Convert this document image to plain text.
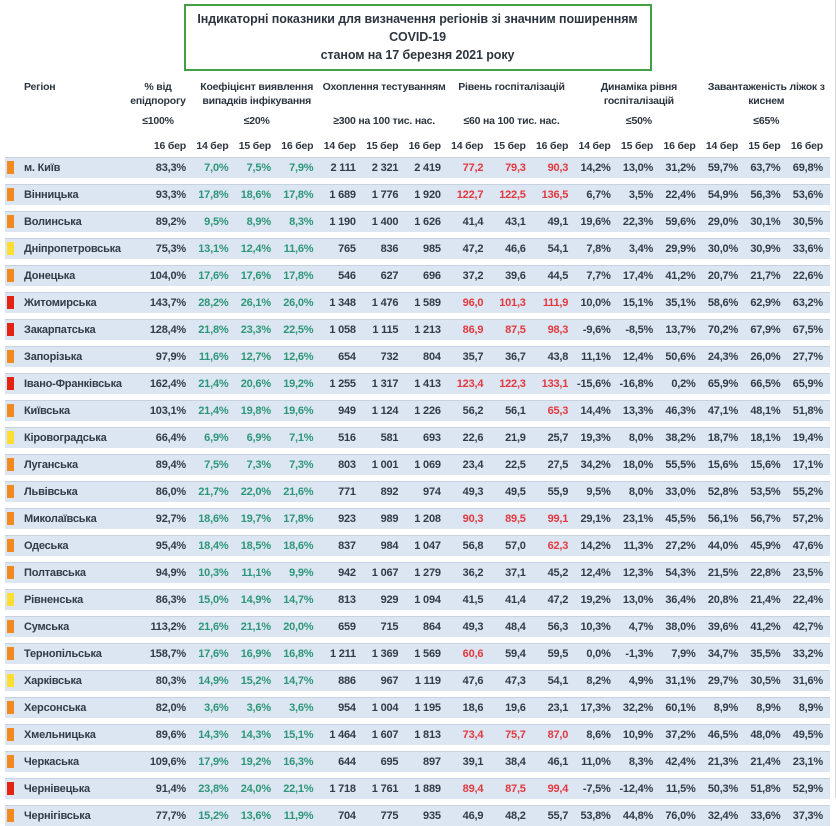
Індикаторні показники для визначення регіонів зі значним поширенням COVID-19
станом на 17 березня 2021 року
Регіон	% від епідпорогу
Коефіцієнт виявлення випадків інфікування
Охоплення тестуванням	Рівень госпіталізацій	Динаміка рівня госпіталізацій
Завантаженість ліжок з киснем
≤100%	≤20%	≥300 на 100 тис. нас.	≤60 на 100 тис. нас.	≤50%	≤65%
16 бер 14 бер 15 бер 16 бер 14 бер 15 бер 16 бер 14 бер 15 бер 16 бер 14 бер 15 бер 16 бер 14 бер 15 бер 16 бер
м. Київ	83,3%	7,0%	7,5%	7,9%	2 111	2 321	2 419	77,2	79,3	90,3	14,2%	13,0%	31,2%	59,7%	63,7%	69,8%
Вінницька	93,3%	17,8%	18,6%	17,8%	1 689	1 776	1 920	122,7	122,5	136,5	6,7%	3,5%	22,4%	54,9%	56,3%	53,6%
Волинська	89,2%	9,5%	8,9%	8,3%	1 190	1 400	1 626	41,4	43,1	49,1	19,6%	22,3%	59,6%	29,0%	30,1%	30,5%
Дніпропетровська	75,3%	13,1%	12,4%	11,6%	765	836	985	47,2	46,6	54,1	7,8%	3,4%	29,9%	30,0%	30,9%	33,6%
Донецька	104,0%	17,6%	17,6%	17,8%	546	627	696	37,2	39,6	44,5	7,7%	17,4%	41,2%	20,7%	21,7%	22,6%
Житомирська	143,7%	28,2%	26,1%	26,0%	1 348	1 476	1 589	96,0	101,3	111,9	10,0%	15,1%	35,1%	58,6%	62,9%	63,2%
Закарпатська	128,4%	21,8%	23,3%	22,5%	1 058	1 115	1 213	86,9	87,5	98,3	-9,6%	-8,5%	13,7%	70,2%	67,9%	67,5%
Запорізька	97,9%	11,6%	12,7%	12,6%	654	732	804	35,7	36,7	43,8	11,1%	12,4%	50,6%	24,3%	26,0%	27,7%
Івано-Франківська	162,4%	21,4%	20,6%	19,2%	1 255	1 317	1 413	123,4	122,3	133,1 -15,6% -16,8%	0,2%	65,9%	66,5%	65,9%
Київська	103,1%	21,4%	19,8%	19,6%	949	1 124	1 226	56,2	56,1	65,3	14,4%	13,3%	46,3%	47,1%	48,1%	51,8%
Кіровоградська	66,4%	6,9%	6,9%	7,1%	516	581	693	22,6	21,9	25,7	19,3%	8,0%	38,2%	18,7%	18,1%	19,4%
Луганська	89,4%	7,5%	7,3%	7,3%	803	1 001	1 069	23,4	22,5	27,5	34,2%	18,0%	55,5%	15,6%	15,6%	17,1%
Львівська	86,0%	21,7%	22,0%	21,6%	771	892	974	49,3	49,5	55,9	9,5%	8,0%	33,0%	52,8%	53,5%	55,2%
Миколаївська	92,7%	18,6%	19,7%	17,8%	923	989	1 208	90,3	89,5	99,1	29,1%	23,1%	45,5%	56,1%	56,7%	57,2%
Одеська	95,4%	18,4%	18,5%	18,6%	837	984	1 047	56,8	57,0	62,3	14,2%	11,3%	27,2%	44,0%	45,9%	47,6%
Полтавська	94,9%	10,3%	11,1%	9,9%	942	1 067	1 279	36,2	37,1	45,2	12,4%	12,3%	54,3%	21,5%	22,8%	23,5%
Рівненська	86,3%	15,0%	14,9%	14,7%	813	929	1 094	41,5	41,4	47,2	19,2%	13,0%	36,4%	20,8%	21,4%	22,4%
Сумська	113,2%	21,6%	21,1%	20,0%	659	715	864	49,3	48,4	56,3	10,3%	4,7%	38,0%	39,6%	41,2%	42,7%
Тернопільська	158,7%	17,6%	16,9%	16,8%	1 211	1 369	1 569	60,6	59,4	59,5	0,0%	-1,3%	7,9%	34,7%	35,5%	33,2%
Харківська	80,3%	14,9%	15,2%	14,7%	886	967	1 119	47,6	47,3	54,1	8,2%	4,9%	31,1%	29,7%	30,5%	31,6%
Херсонська	82,0%	3,6%	3,6%	3,6%	954	1 004	1 195	18,6	19,6	23,1	17,3%	32,2%	60,1%	8,9%	8,9%	8,9%
Хмельницька	89,6%	14,3%	14,3%	15,1%	1 464	1 607	1 813	73,4	75,7	87,0	8,6%	10,9%	37,2%	46,5%	48,0%	49,5%
Черкаська	109,6%	17,9%	19,2%	16,3%	644	695	897	39,1	38,4	46,1	11,0%	8,3%	42,4%	21,3%	21,4%	23,1%
Чернівецька	91,4%	23,8%	24,0%	22,1%	1 718	1 761	1 889	89,4	87,5	99,4	-7,5% -12,4%	11,5%	50,3%	51,8%	52,9%
Чернігівська	77,7%	15,2%	13,6%	11,9%	704	775	935	46,9	48,2	55,7	53,8%	44,8%	76,0%	32,4%	33,6%	37,3%
